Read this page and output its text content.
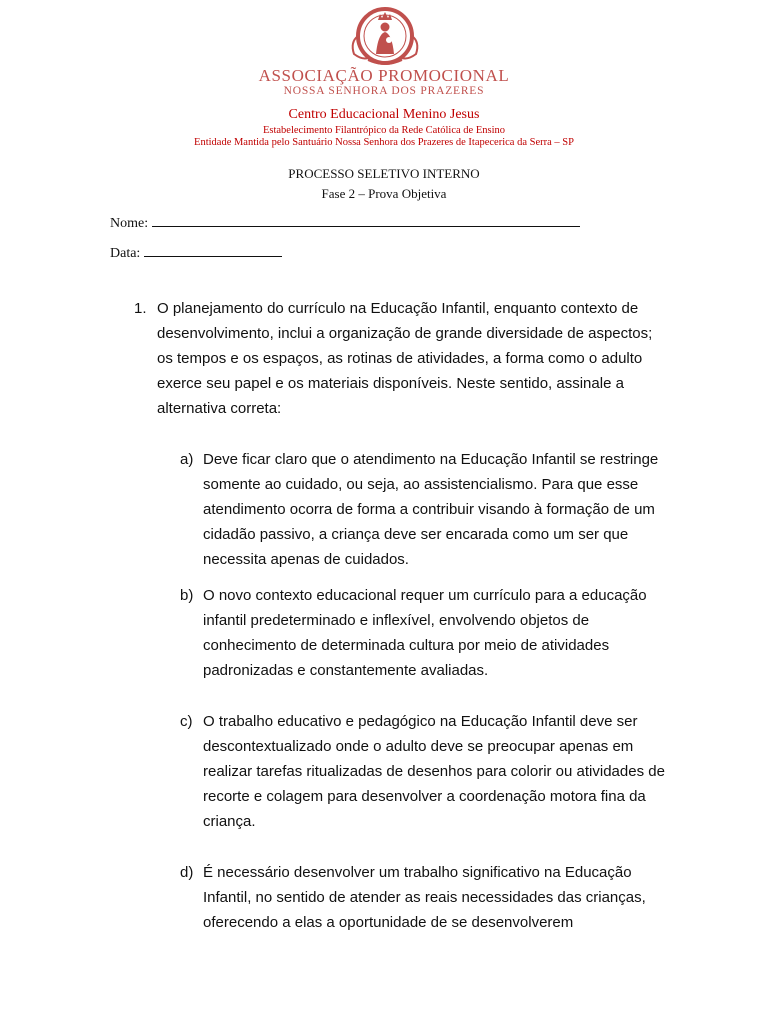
ASSOCIAÇÃO PROMOCIONAL
NOSSA SENHORA DOS PRAZERES
Centro Educacional Menino Jesus
Estabelecimento Filantrópico da Rede Católica de Ensino
Entidade Mantida pelo Santuário Nossa Senhora dos Prazeres de Itapecerica da Serra – SP
PROCESSO SELETIVO INTERNO
Fase 2 – Prova Objetiva
Nome:
Data:
1. O planejamento do currículo na Educação Infantil, enquanto contexto de desenvolvimento, inclui a organização de grande diversidade de aspectos; os tempos e os espaços, as rotinas de atividades, a forma como o adulto exerce seu papel e os materiais disponíveis. Neste sentido, assinale a alternativa correta:
a) Deve ficar claro que o atendimento na Educação Infantil se restringe somente ao cuidado, ou seja, ao assistencialismo. Para que esse atendimento ocorra de forma a contribuir visando à formação de um cidadão passivo, a criança deve ser encarada como um ser que necessita apenas de cuidados.
b) O novo contexto educacional requer um currículo para a educação infantil predeterminado e inflexível, envolvendo objetos de conhecimento de determinada cultura por meio de atividades padronizadas e constantemente avaliadas.
c) O trabalho educativo e pedagógico na Educação Infantil deve ser descontextualizado onde o adulto deve se preocupar apenas em realizar tarefas ritualizadas de desenhos para colorir ou atividades de recorte e colagem para desenvolver a coordenação motora fina da criança.
d) É necessário desenvolver um trabalho significativo na Educação Infantil, no sentido de atender as reais necessidades das crianças, oferecendo a elas a oportunidade de se desenvolverem
